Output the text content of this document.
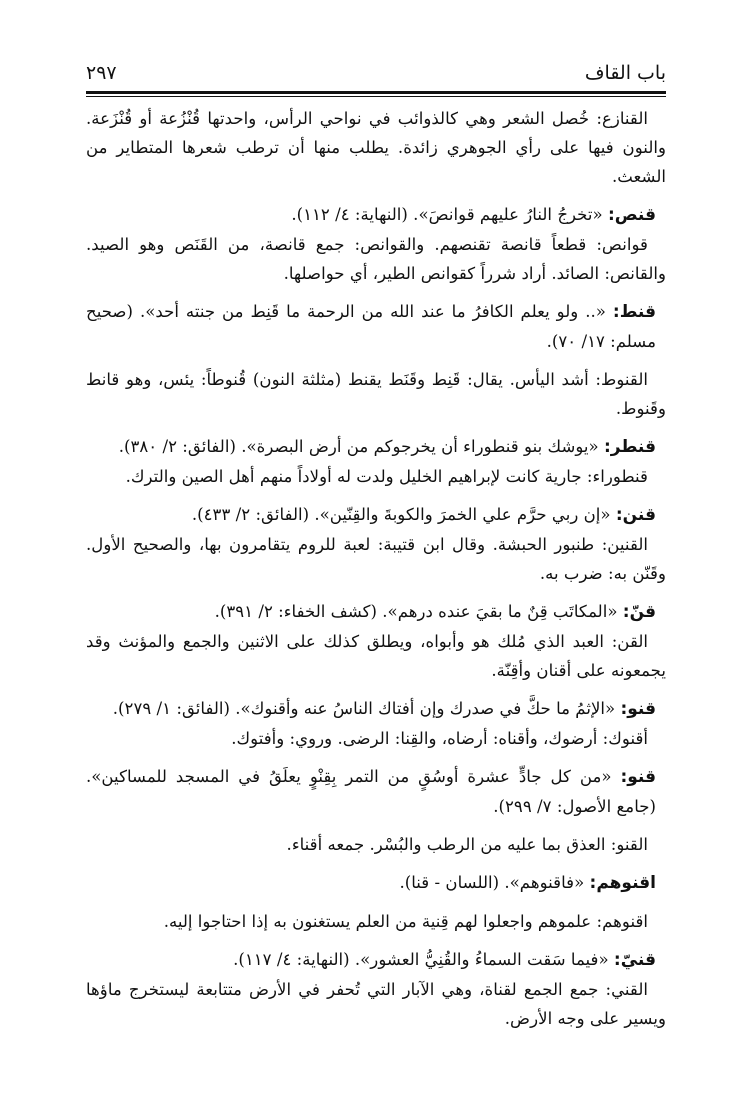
باب القاف
٢٩٧

القنازع: خُصل الشعر وهي كالذوائب في نواحي الرأس، واحدتها قُنْزُعة أو قُنْزَعة. والنون فيها على رأي الجوهري زائدة. يطلب منها أن ترطب شعرها المتطاير من الشعث.

قنص: «تخرجُ النارُ عليهم قوانصَ». (النهاية: ٤/ ١١٢).

قوانص: قطعاً قانصة تقنصهم. والقوانص: جمع قانصة، من القَنَص وهو الصيد. والقانص: الصائد. أراد شرراً كقوانص الطير، أي حواصلها.

قنط: «.. ولو يعلم الكافرُ ما عند الله من الرحمة ما قَنِط من جنته أحد». (صحيح مسلم: ١٧/ ٧٠).

القنوط: أشد اليأس. يقال: قَنِط وقَنَط يقنط (مثلثة النون) قُنوطاً: يئس، وهو قانط وقَنوط.

قنطر: «يوشك بنو قنطوراء أن يخرجوكم من أرض البصرة». (الفائق: ٢/ ٣٨٠).

قنطوراء: جارية كانت لإبراهيم الخليل ولدت له أولاداً منهم أهل الصين والترك.

قنن: «إن ربي حرَّم علي الخمرَ والكوبةَ والقِنّين». (الفائق: ٢/ ٤٣٣).

القنين: طنبور الحبشة. وقال ابن قتيبة: لعبة للروم يتقامرون بها، والصحيح الأول. وقَنّن به: ضرب به.

قنّ: «المكاتَب قِنٌ ما بقيَ عنده درهم». (كشف الخفاء: ٢/ ٣٩١).

القن: العبد الذي مُلك هو وأبواه، ويطلق كذلك على الاثنين والجمع والمؤنث وقد يجمعونه على أقنان وأقِنّة.

قنو: «الإثمُ ما حكَّ في صدرك وإن أفتاك الناسُ عنه وأقنوك». (الفائق: ١/ ٢٧٩).

أقنوك: أرضوك، وأقناه: أرضاه، والقِنا: الرضى. وروي: وأفتوك.

قنو: «من كل جادٍّ عشرة أوسُقٍ من التمر بِقِنْوٍ يعلَقُ في المسجد للمساكين». (جامع الأصول: ٧/ ٢٩٩).

القنو: العذق بما عليه من الرطب والبُسْر. جمعه أقناء.

اقنوهم: «فاقنوهم». (اللسان - قنا).

اقنوهم: علموهم واجعلوا لهم قِنية من العلم يستغنون به إذا احتاجوا إليه.

قنيّ: «فيما سَقت السماءُ والقُنِيُّ العشور». (النهاية: ٤/ ١١٧).

القني: جمع الجمع لقناة، وهي الآبار التي تُحفر في الأرض متتابعة ليستخرج ماؤها ويسير على وجه الأرض.
